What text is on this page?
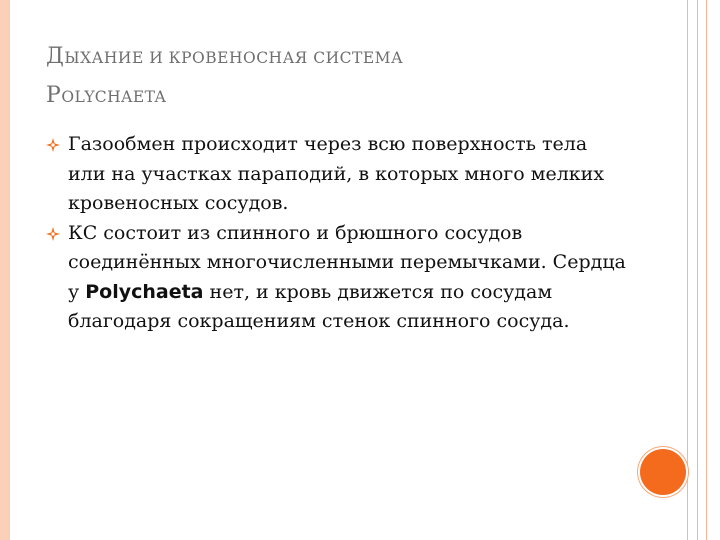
ДЫХАНИЕ И КРОВЕНОСНАЯ СИСТЕМА
POLYCHAETA
Газообмен происходит через всю поверхность тела или на участках параподий, в которых много мелких кровеносных сосудов.
КС состоит из спинного и брюшного сосудов соединённых многочисленными перемычками. Сердца у Polychaeta нет, и кровь движется по сосудам благодаря сокращениям стенок спинного сосуда.
